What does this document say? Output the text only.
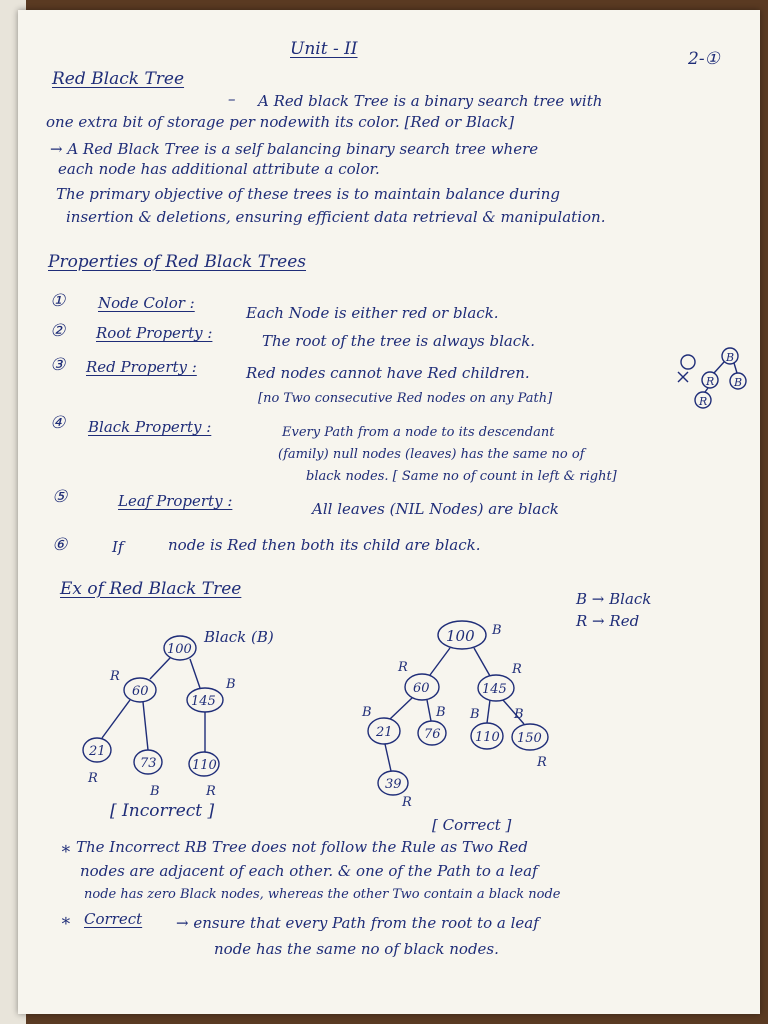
Unit - II	2-①
Red Black Tree
– A Red black Tree is a binary search tree with
one extra bit of storage per nodewith its color. [Red or Black]
→ A Red Black Tree is a self balancing binary search tree where
each node has additional attribute a color.
The primary objective of these trees is to maintain balance during
insertion & deletions, ensuring efficient data retrieval & manipulation.
Properties of Red Black Trees
① Node Color :
Each Node is either red or black.
② Root Property :	The root of the tree is always black.
③ Red Property :	Red nodes cannot have Red children.
[no Two consecutive Red nodes on any Path]
④ Black Property :	Every Path from a node to its descendant
(family) null nodes (leaves) has the same no of
black nodes. [ Same no of count in left & right]
⑤	Leaf Property :	All leaves (NIL Nodes) are black
⑥	If	node is Red then both its child are black.
Ex of Red Black Tree	B → Black
R → Red
100
60
145
21
73	110
R
B
R
B	R
100
60	145
21 76	110 150
39
B
R	R
B	B B	B
R
R
B
R B
R
Black (B)
[ Incorrect ]
[ Correct ]
∗ The Incorrect RB Tree does not follow the Rule as Two Red
nodes are adjacent of each other. & one of the Path to a leaf
node has zero Black nodes, whereas the other Two contain a black node
∗ Correct → ensure that every Path from the root to a leaf
node has the same no of black nodes.
